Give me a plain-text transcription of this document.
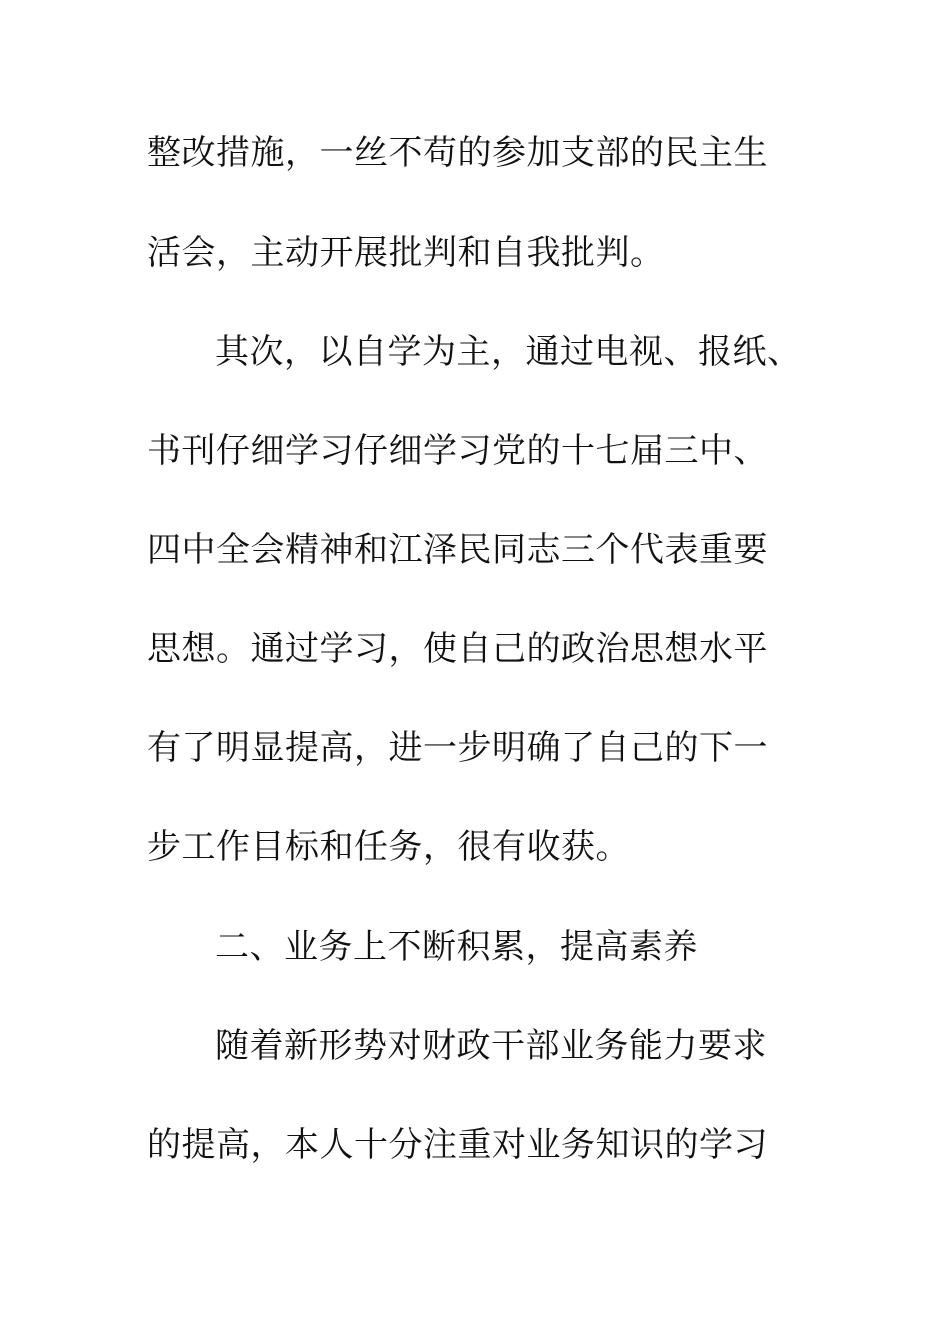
整改措施，一丝不苟的参加支部的民主生
活会，主动开展批判和自我批判。
其次，以自学为主，通过电视、报纸、
书刊仔细学习仔细学习党的十七届三中、
四中全会精神和江泽民同志三个代表重要
思想。通过学习，使自己的政治思想水平
有了明显提高，进一步明确了自己的下一
步工作目标和任务，很有收获。
二、业务上不断积累，提高素养
随着新形势对财政干部业务能力要求
的提高，本人十分注重对业务知识的学习
